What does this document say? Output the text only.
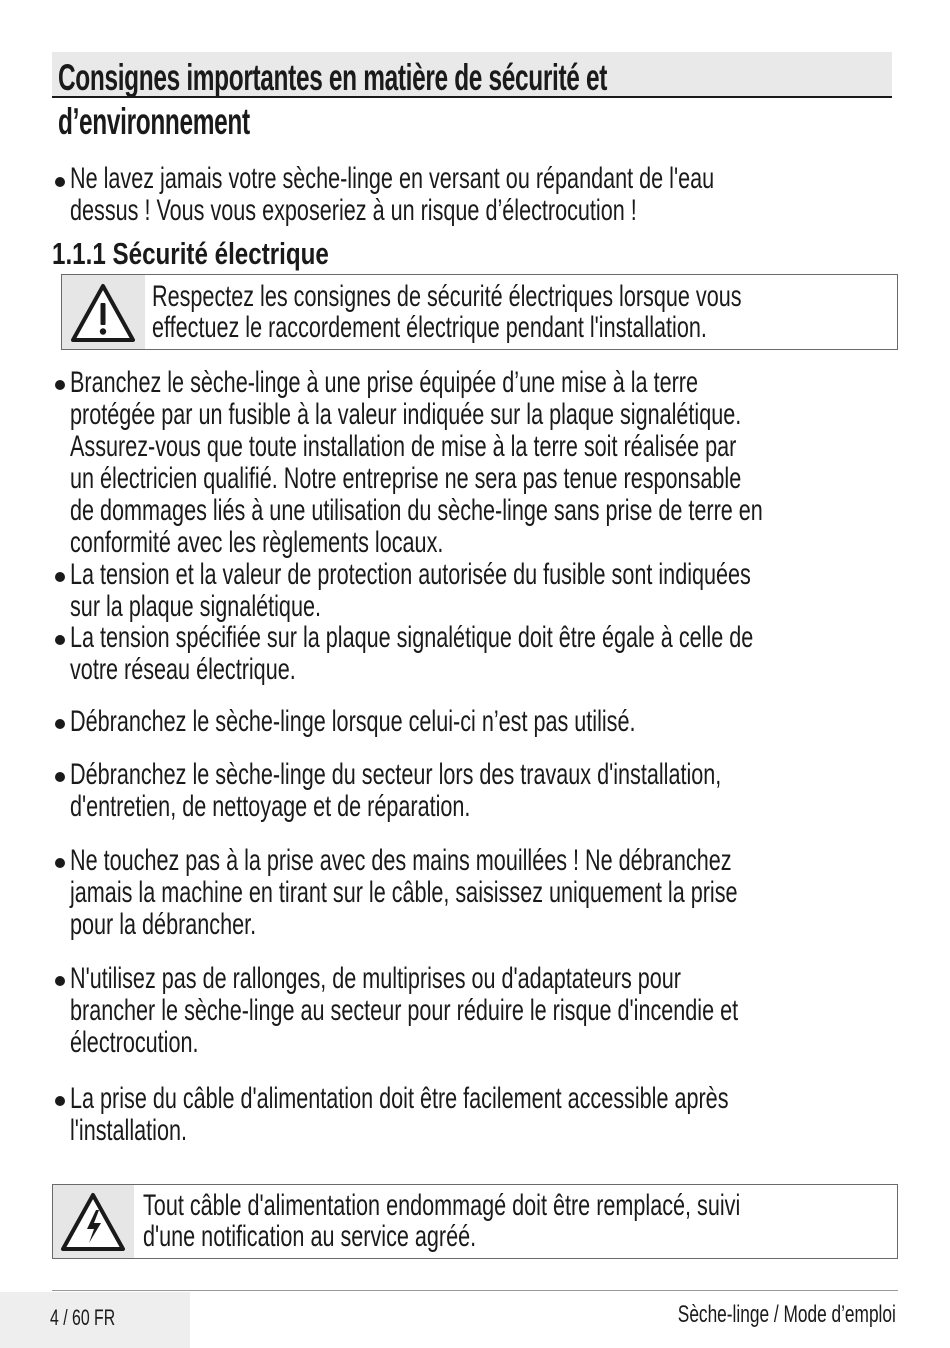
Consignes importantes en matière de sécurité et
d’environnement
Ne lavez jamais votre sèche-linge en versant ou répandant de l'eau
dessus ! Vous vous exposeriez à un risque d’électrocution !
1.1.1 Sécurité électrique
Respectez les consignes de sécurité électriques lorsque vous
effectuez le raccordement électrique pendant l'installation.
Branchez le sèche-linge à une prise équipée d’une mise à la terre
protégée par un fusible à la valeur indiquée sur la plaque signalétique.
Assurez-vous que toute installation de mise à la terre soit réalisée par
un électricien qualifié. Notre entreprise ne sera pas tenue responsable
de dommages liés à une utilisation du sèche-linge sans prise de terre en
conformité avec les règlements locaux.
La tension et la valeur de protection autorisée du fusible sont indiquées
sur la plaque signalétique.
La tension spécifiée sur la plaque signalétique doit être égale à celle de
votre réseau électrique.
Débranchez le sèche-linge lorsque celui-ci n’est pas utilisé.
Débranchez le sèche-linge du secteur lors des travaux d'installation,
d'entretien, de nettoyage et de réparation.
Ne touchez pas à la prise avec des mains mouillées ! Ne débranchez
jamais la machine en tirant sur le câble, saisissez uniquement la prise
pour la débrancher.
N'utilisez pas de rallonges, de multiprises ou d'adaptateurs pour
brancher le sèche-linge au secteur pour réduire le risque d'incendie et
électrocution.
La prise du câble d'alimentation doit être facilement accessible après
l'installation.
Tout câble d'alimentation endommagé doit être remplacé, suivi
d'une notification au service agréé.
4 / 60 FR	Sèche-linge / Mode d’emploi
